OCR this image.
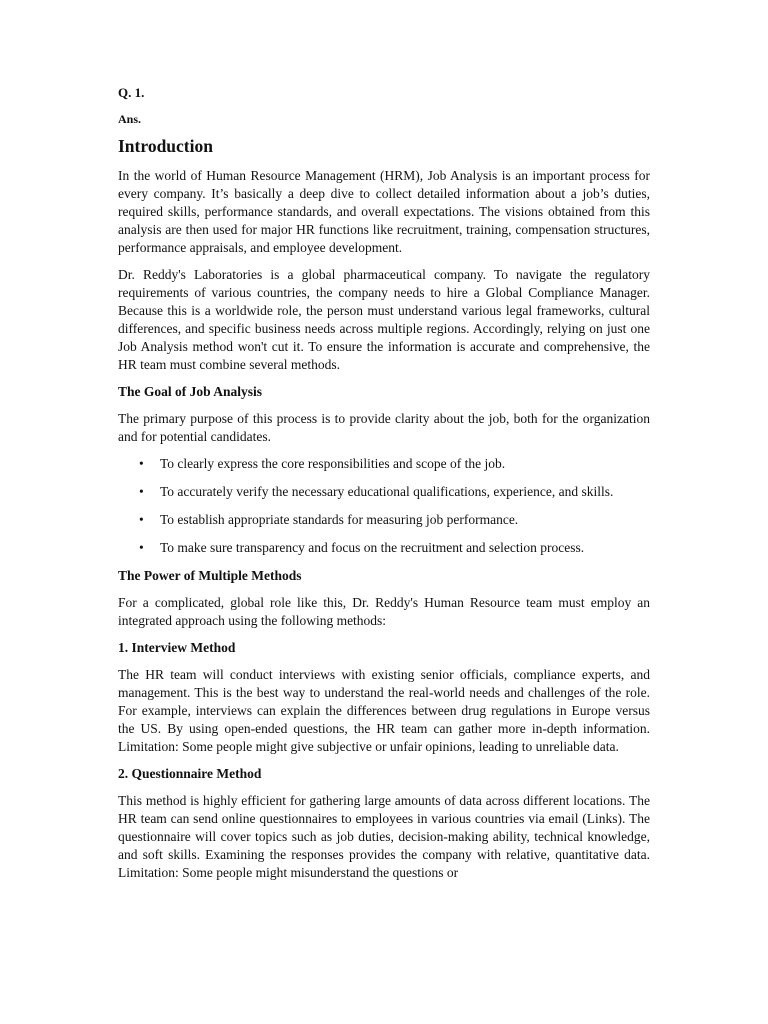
Q. 1.
Ans.
Introduction

In the world of Human Resource Management (HRM), Job Analysis is an important process for every company. It’s basically a deep dive to collect detailed information about a job’s duties, required skills, performance standards, and overall expectations. The visions obtained from this analysis are then used for major HR functions like recruitment, training, compensation structures, performance appraisals, and employee development.

Dr. Reddy's Laboratories is a global pharmaceutical company. To navigate the regulatory requirements of various countries, the company needs to hire a Global Compliance Manager. Because this is a worldwide role, the person must understand various legal frameworks, cultural differences, and specific business needs across multiple regions. Accordingly, relying on just one Job Analysis method won't cut it. To ensure the information is accurate and comprehensive, the HR team must combine several methods.

The Goal of Job Analysis

The primary purpose of this process is to provide clarity about the job, both for the organization and for potential candidates.

• To clearly express the core responsibilities and scope of the job.
• To accurately verify the necessary educational qualifications, experience, and skills.
• To establish appropriate standards for measuring job performance.
• To make sure transparency and focus on the recruitment and selection process.
The Power of Multiple Methods

For a complicated, global role like this, Dr. Reddy's Human Resource team must employ an integrated approach using the following methods:

1. Interview Method

The HR team will conduct interviews with existing senior officials, compliance experts, and management. This is the best way to understand the real-world needs and challenges of the role. For example, interviews can explain the differences between drug regulations in Europe versus the US. By using open-ended questions, the HR team can gather more in-depth information. Limitation: Some people might give subjective or unfair opinions, leading to unreliable data.

2. Questionnaire Method

This method is highly efficient for gathering large amounts of data across different locations. The HR team can send online questionnaires to employees in various countries via email (Links). The questionnaire will cover topics such as job duties, decision-making ability, technical knowledge, and soft skills. Examining the responses provides the company with relative, quantitative data. Limitation: Some people might misunderstand the questions or
